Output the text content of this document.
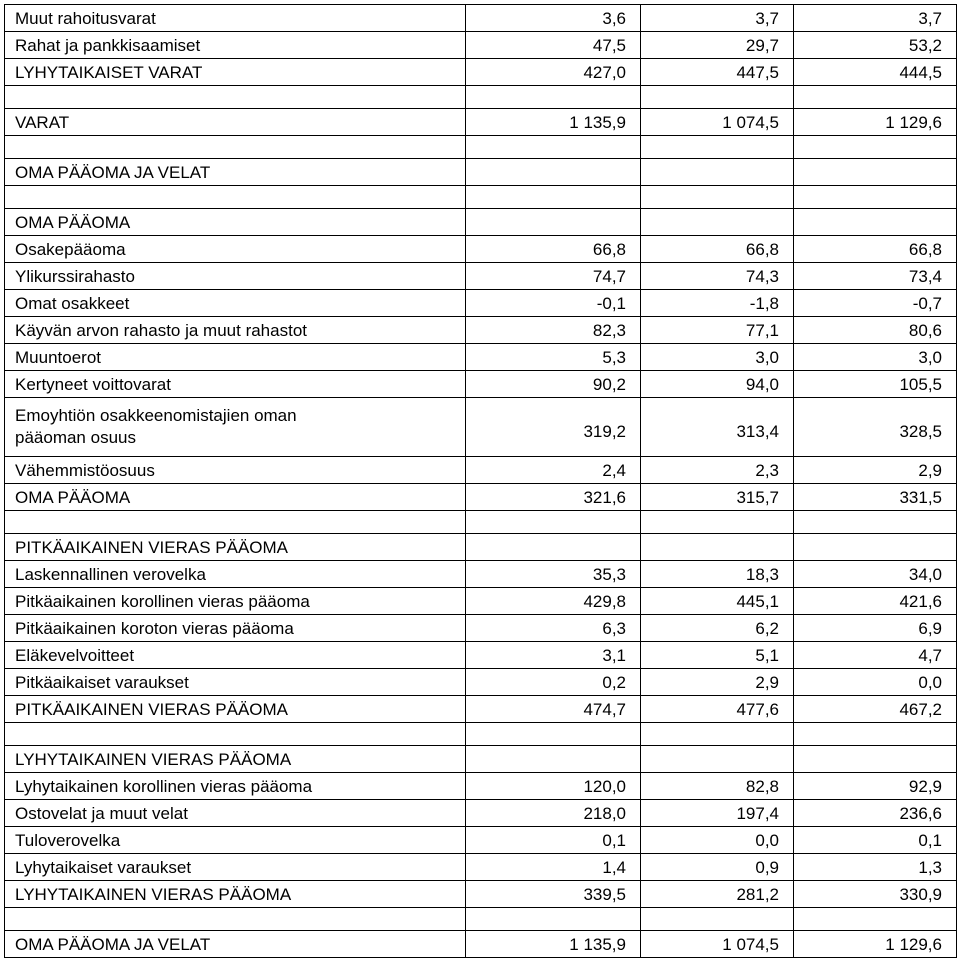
Muut rahoitusvarat	3,6	3,7	3,7
Rahat ja pankkisaamiset	47,5	29,7	53,2
LYHYTAIKAISET VARAT	427,0	447,5	444,5

VARAT	1 135,9	1 074,5	1 129,6

OMA PÄÄOMA JA VELAT			

OMA PÄÄOMA			
Osakepääoma	66,8	66,8	66,8
Ylikurssirahasto	74,7	74,3	73,4
Omat osakkeet	-0,1	-1,8	-0,7
Käyvän arvon rahasto ja muut rahastot	82,3	77,1	80,6
Muuntoerot	5,3	3,0	3,0
Kertyneet voittovarat	90,2	94,0	105,5
Emoyhtiön osakkeenomistajien oman pääoman osuus	319,2	313,4	328,5
Vähemmistöosuus	2,4	2,3	2,9
OMA PÄÄOMA	321,6	315,7	331,5

PITKÄAIKAINEN VIERAS PÄÄOMA			
Laskennallinen verovelka	35,3	18,3	34,0
Pitkäaikainen korollinen vieras pääoma	429,8	445,1	421,6
Pitkäaikainen koroton vieras pääoma	6,3	6,2	6,9
Eläkevelvoitteet	3,1	5,1	4,7
Pitkäaikaiset varaukset	0,2	2,9	0,0
PITKÄAIKAINEN VIERAS PÄÄOMA	474,7	477,6	467,2

LYHYTAIKAINEN VIERAS PÄÄOMA			
Lyhytaikainen korollinen vieras pääoma	120,0	82,8	92,9
Ostovelat ja muut velat	218,0	197,4	236,6
Tuloverovelka	0,1	0,0	0,1
Lyhytaikaiset varaukset	1,4	0,9	1,3
LYHYTAIKAINEN VIERAS PÄÄOMA	339,5	281,2	330,9

OMA PÄÄOMA JA VELAT	1 135,9	1 074,5	1 129,6
